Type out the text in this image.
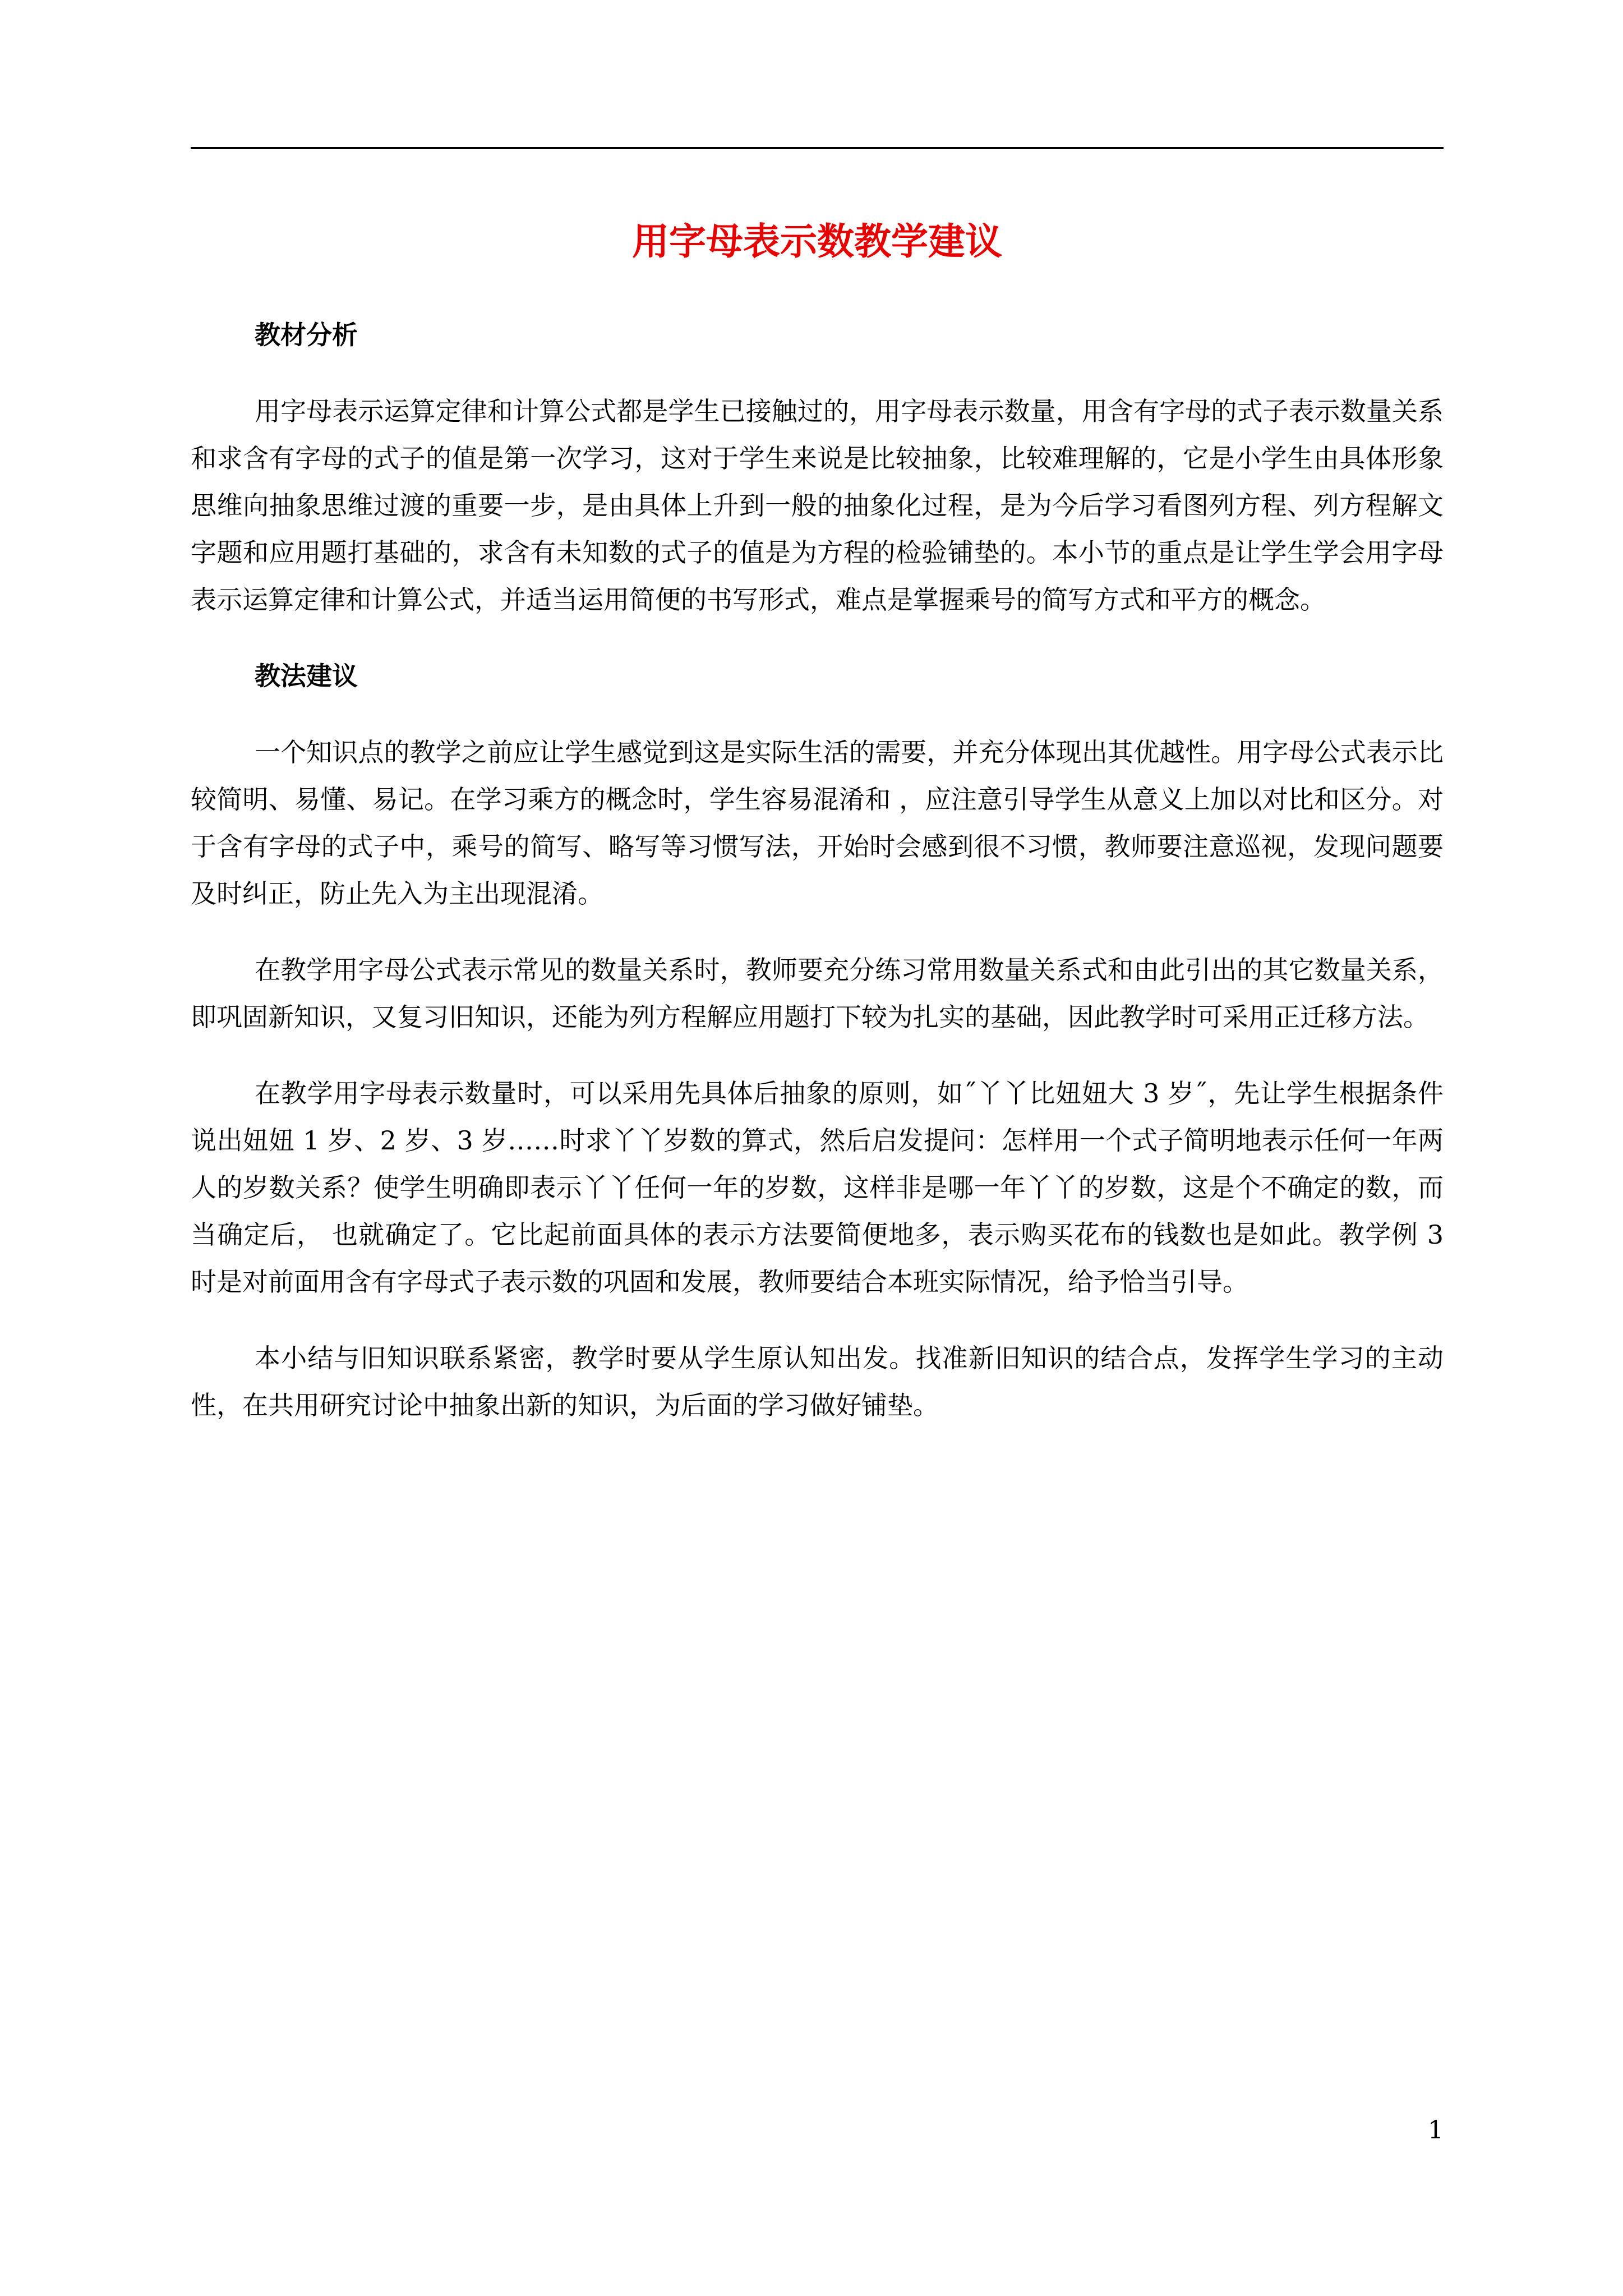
用字母表示数教学建议
教材分析

用字母表示运算定律和计算公式都是学生已接触过的，用字母表示数量，用含有字母的式子表示数量关系和求含有字母的式子的值是第一次学习，这对于学生来说是比较抽象，比较难理解的，它是小学生由具体形象思维向抽象思维过渡的重要一步，是由具体上升到一般的抽象化过程，是为今后学习看图列方程、列方程解文字题和应用题打基础的，求含有未知数的式子的值是为方程的检验铺垫的。本小节的重点是让学生学会用字母表示运算定律和计算公式，并适当运用简便的书写形式，难点是掌握乘号的简写方式和平方的概念。

教法建议

一个知识点的教学之前应让学生感觉到这是实际生活的需要，并充分体现出其优越性。用字母公式表示比较简明、易懂、易记。在学习乘方的概念时，学生容易混淆和 ，应注意引导学生从意义上加以对比和区分。对于含有字母的式子中，乘号的简写、略写等习惯写法，开始时会感到很不习惯，教师要注意巡视，发现问题要及时纠正，防止先入为主出现混淆。

在教学用字母公式表示常见的数量关系时，教师要充分练习常用数量关系式和由此引出的其它数量关系，即巩固新知识，又复习旧知识，还能为列方程解应用题打下较为扎实的基础，因此教学时可采用正迁移方法。

在教学用字母表示数量时，可以采用先具体后抽象的原则，如˝丫丫比妞妞大 3 岁˝，先让学生根据条件说出妞妞 1 岁、2 岁、3 岁……时求丫丫岁数的算式，然后启发提问：怎样用一个式子简明地表示任何一年两人的岁数关系？使学生明确即表示丫丫任何一年的岁数，这样非是哪一年丫丫的岁数，这是个不确定的数，而当确定后， 也就确定了。它比起前面具体的表示方法要简便地多，表示购买花布的钱数也是如此。教学例 3 时是对前面用含有字母式子表示数的巩固和发展，教师要结合本班实际情况，给予恰当引导。

本小结与旧知识联系紧密，教学时要从学生原认知出发。找准新旧知识的结合点，发挥学生学习的主动性，在共用研究讨论中抽象出新的知识，为后面的学习做好铺垫。

1
